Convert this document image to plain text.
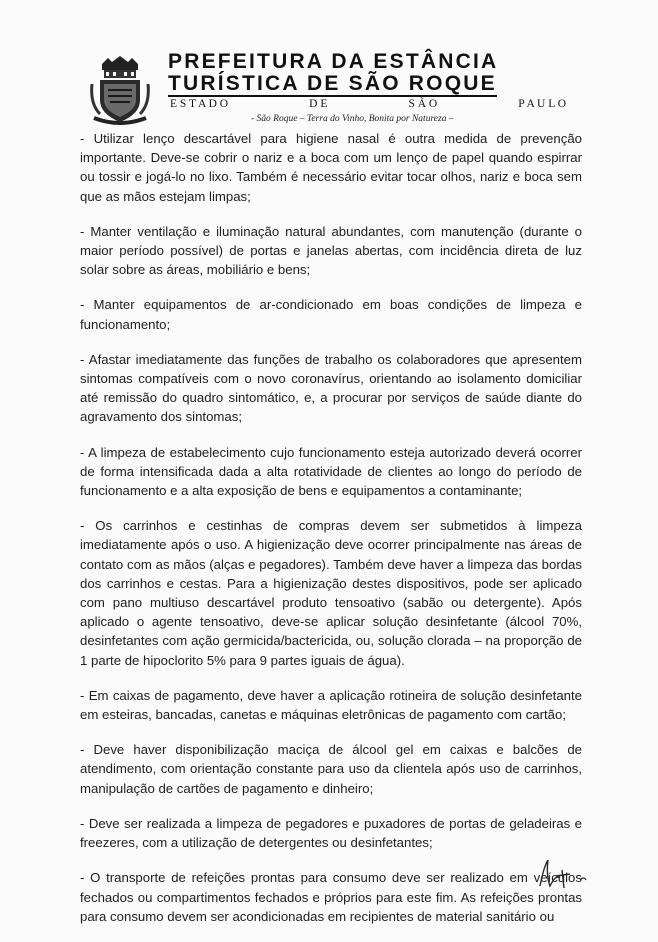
PREFEITURA DA ESTÂNCIA
TURÍSTICA DE SÃO ROQUE
E S T A D O	D E	S Ã O	P A U L O
- São Roque – Terra do Vinho, Bonita por Natureza –

- Utilizar lenço descartável para higiene nasal é outra medida de prevenção importante. Deve-se cobrir o nariz e a boca com um lenço de papel quando espirrar ou tossir e jogá-lo no lixo. Também é necessário evitar tocar olhos, nariz e boca sem que as mãos estejam limpas;

- Manter ventilação e iluminação natural abundantes, com manutenção (durante o maior período possível) de portas e janelas abertas, com incidência direta de luz solar sobre as áreas, mobiliário e bens;

- Manter equipamentos de ar-condicionado em boas condições de limpeza e funcionamento;

- Afastar imediatamente das funções de trabalho os colaboradores que apresentem sintomas compatíveis com o novo coronavírus, orientando ao isolamento domiciliar até remissão do quadro sintomático, e, a procurar por serviços de saúde diante do agravamento dos sintomas;

- A limpeza de estabelecimento cujo funcionamento esteja autorizado deverá ocorrer de forma intensificada dada a alta rotatividade de clientes ao longo do período de funcionamento e a alta exposição de bens e equipamentos a contaminante;

- Os carrinhos e cestinhas de compras devem ser submetidos à limpeza imediatamente após o uso. A higienização deve ocorrer principalmente nas áreas de contato com as mãos (alças e pegadores). Também deve haver a limpeza das bordas dos carrinhos e cestas. Para a higienização destes dispositivos, pode ser aplicado com pano multiuso descartável produto tensoativo (sabão ou detergente). Após aplicado o agente tensoativo, deve-se aplicar solução desinfetante (álcool 70%, desinfetantes com ação germicida/bactericida, ou, solução clorada – na proporção de 1 parte de hipoclorito 5% para 9 partes iguais de água).

- Em caixas de pagamento, deve haver a aplicação rotineira de solução desinfetante em esteiras, bancadas, canetas e máquinas eletrônicas de pagamento com cartão;

- Deve haver disponibilização maciça de álcool gel em caixas e balcões de atendimento, com orientação constante para uso da clientela após uso de carrinhos, manipulação de cartões de pagamento e dinheiro;

- Deve ser realizada a limpeza de pegadores e puxadores de portas de geladeiras e freezeres, com a utilização de detergentes ou desinfetantes;

- O transporte de refeições prontas para consumo deve ser realizado em veículos fechados ou compartimentos fechados e próprios para este fim. As refeições prontas para consumo devem ser acondicionadas em recipientes de material sanitário ou
